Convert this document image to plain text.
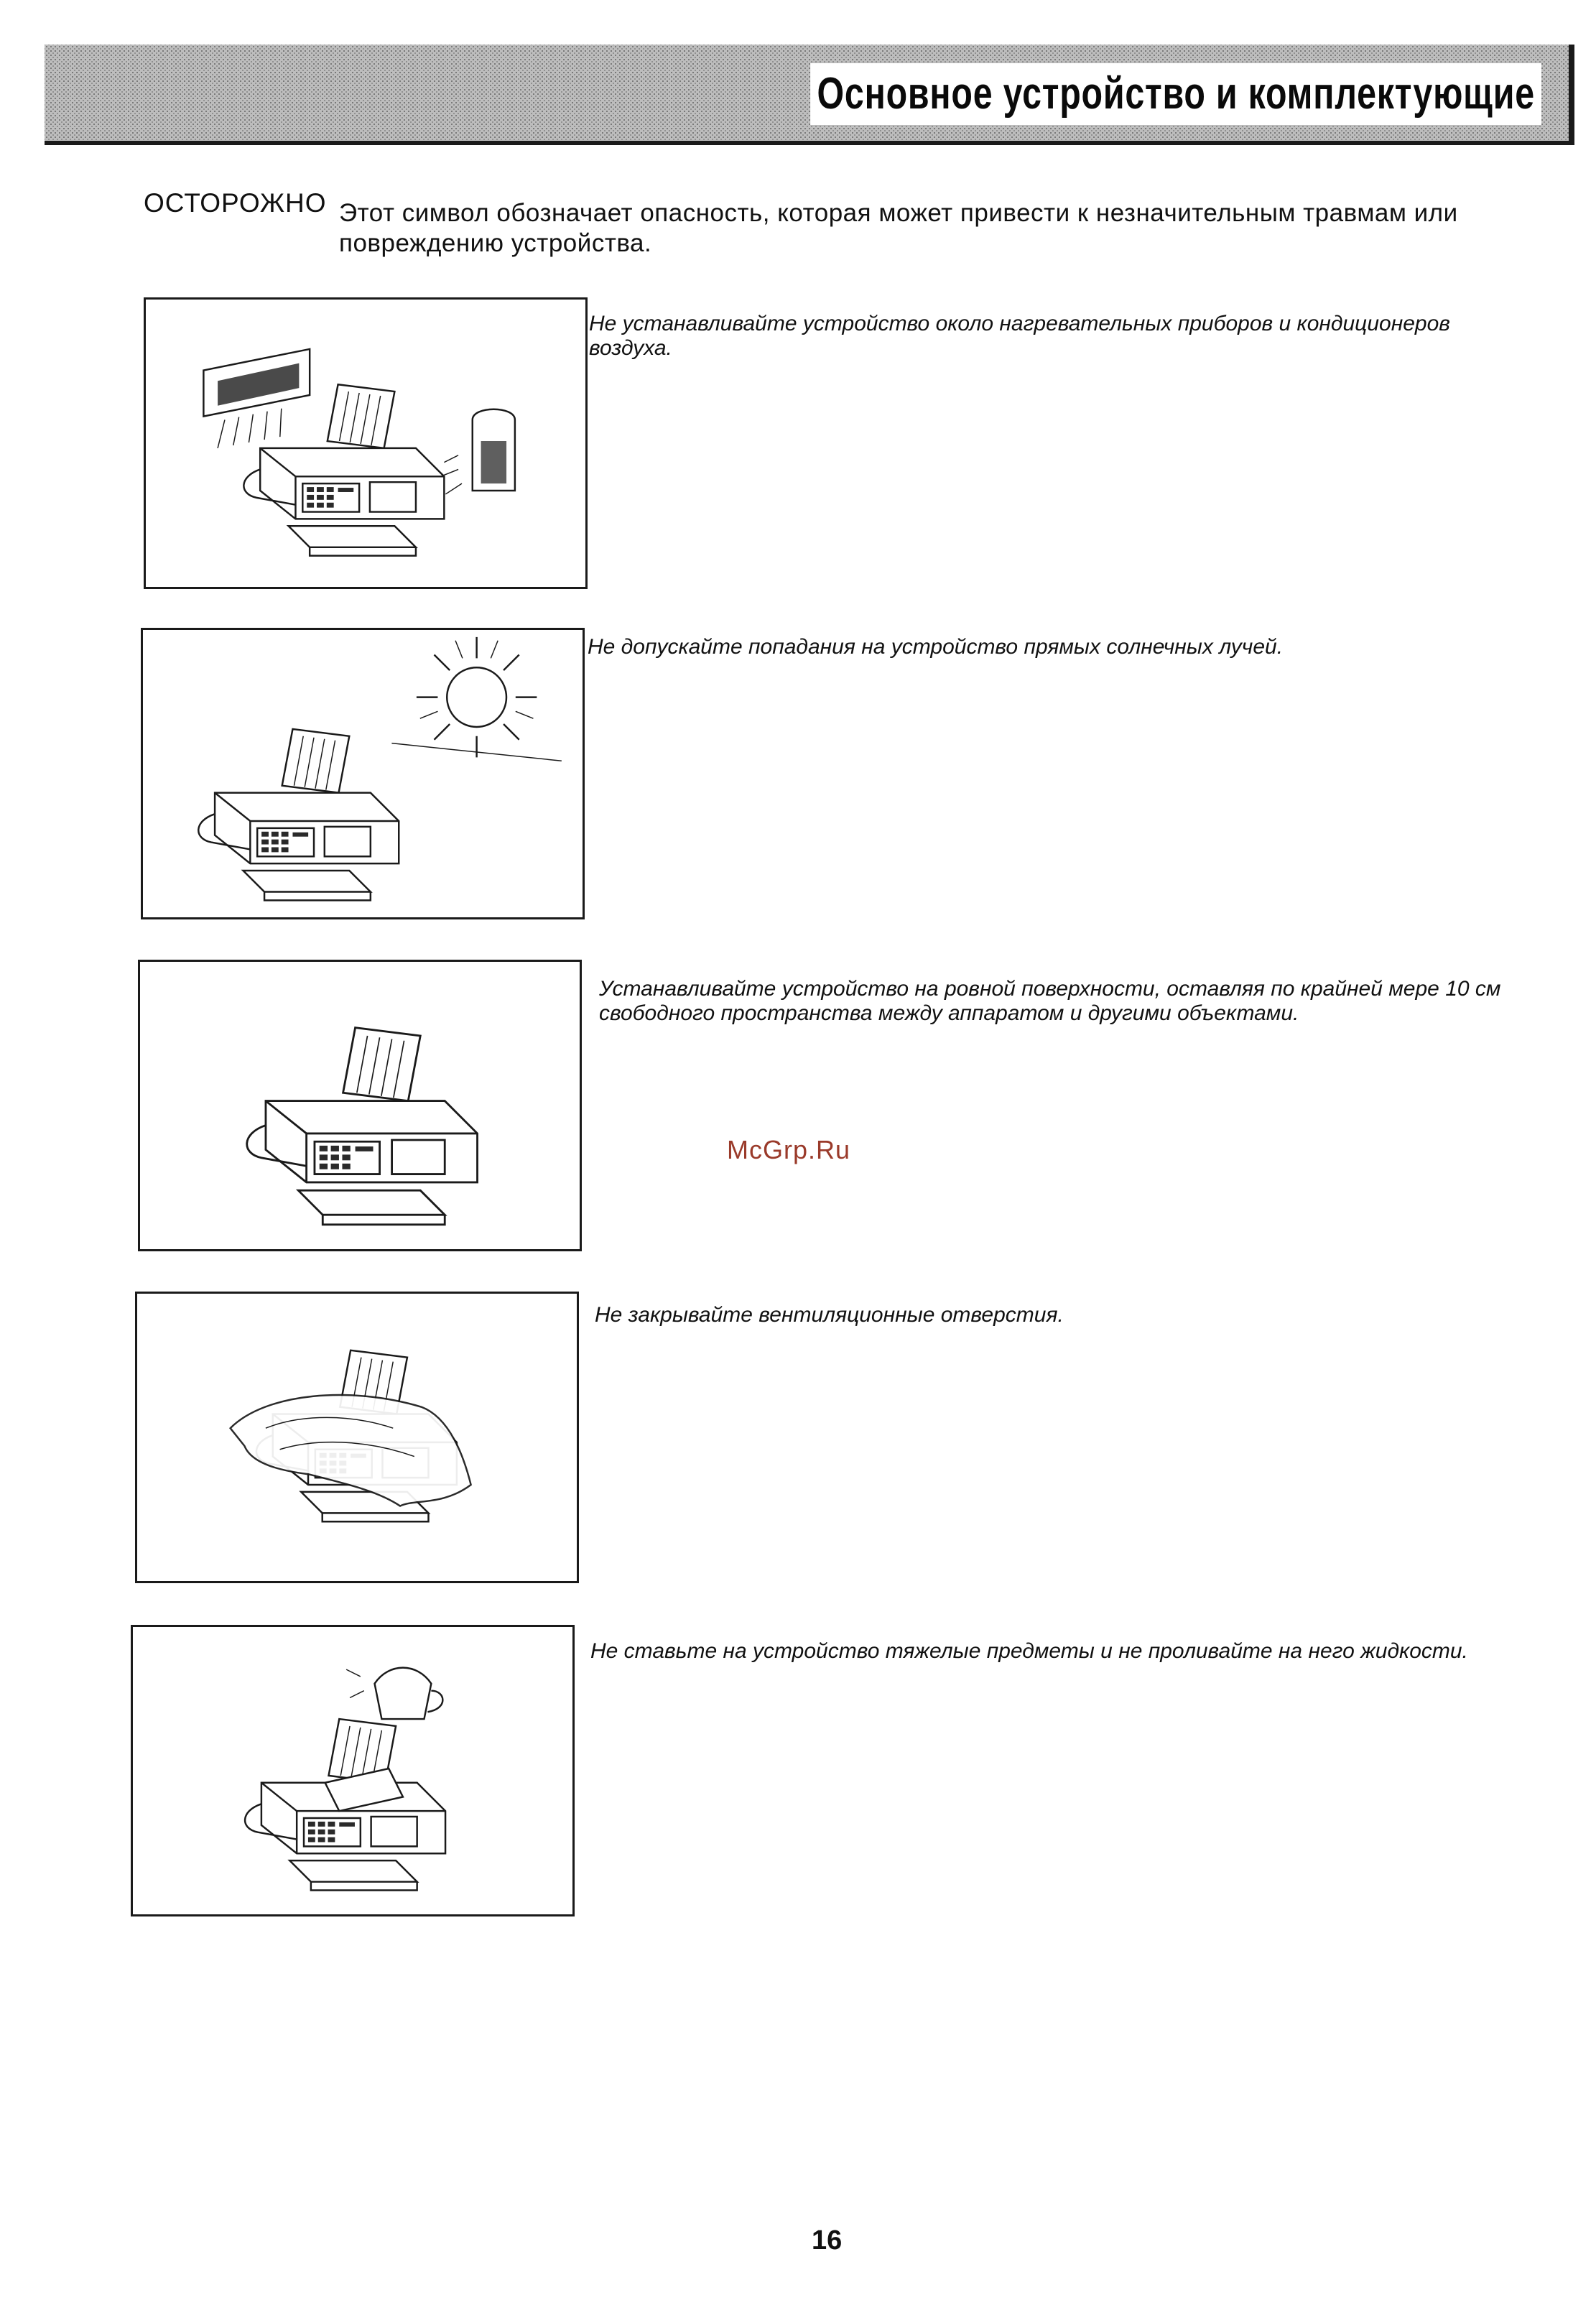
Основное устройство и комплектующие
ОСТОРОЖНО Этот символ обозначает опасность, которая может привести к незначительным травмам или повреждению устройства.
Не устанавливайте устройство около нагревательных приборов и кондиционеров воздуха.
Не допускайте попадания на устройство прямых солнечных лучей.
Устанавливайте устройство на ровной поверхности, оставляя по крайней мере 10 см свободного пространства между аппаратом и другими объектами.
Не закрывайте вентиляционные отверстия.
Не ставьте на устройство тяжелые предметы и не проливайте на него жидкости.
McGrp.Ru
16
